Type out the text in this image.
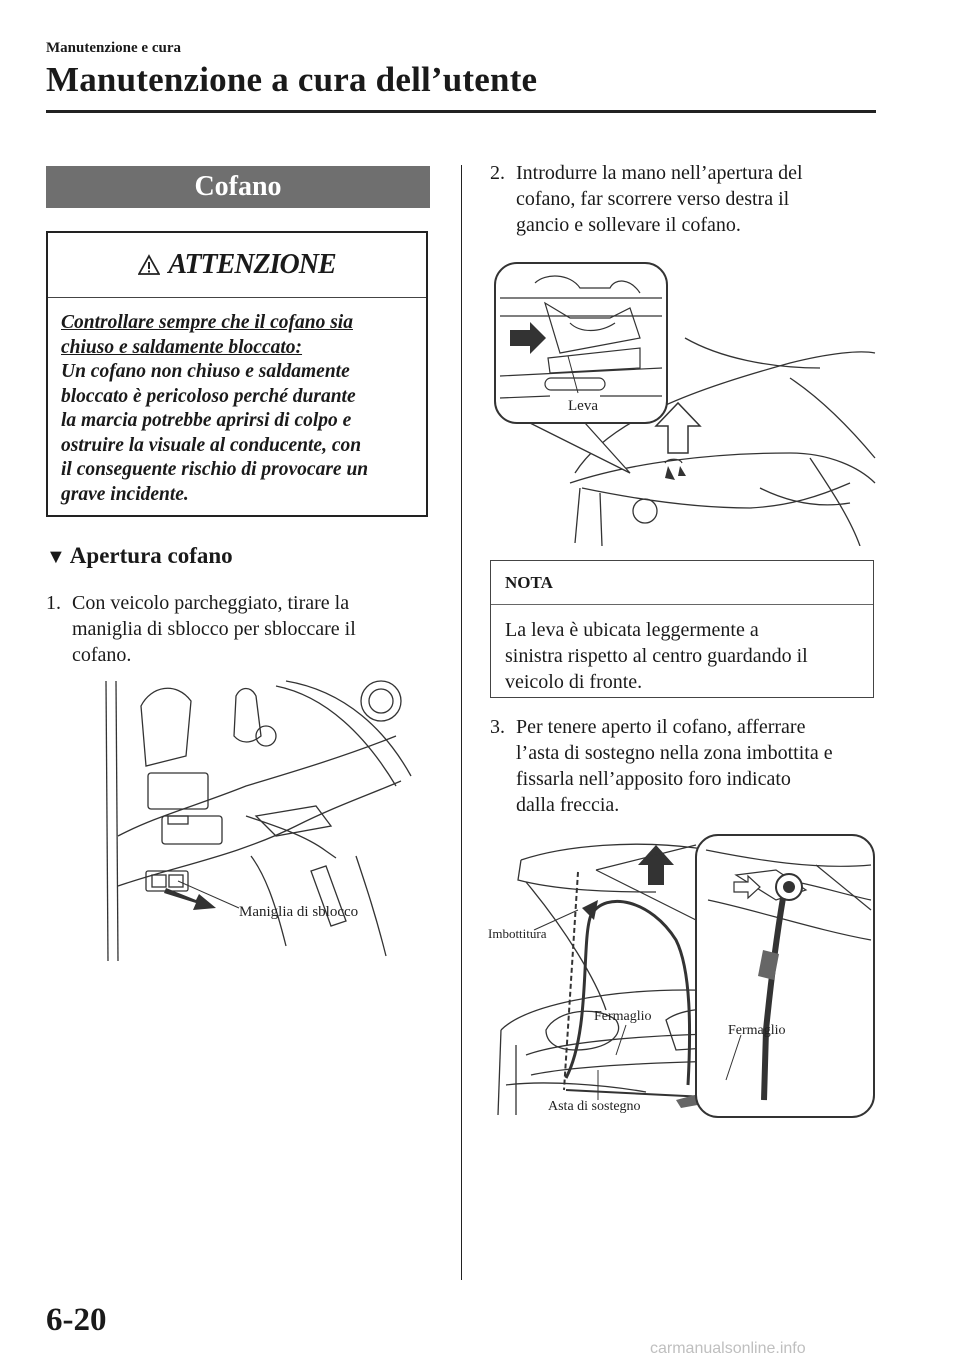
Manutenzione e cura
Manutenzione a cura dell’utente
Cofano
ATTENZIONE
Controllare sempre che il cofano sia
chiuso e saldamente bloccato:
Un cofano non chiuso e saldamente
bloccato è pericoloso perché durante
la marcia potrebbe aprirsi di colpo e
ostruire la visuale al conducente, con
il conseguente rischio di provocare un
grave incidente.
▼ Apertura cofano
1. Con veicolo parcheggiato, tirare la
maniglia di sblocco per sbloccare il
cofano.
Maniglia di sblocco
2. Introdurre la mano nell’apertura del
cofano, far scorrere verso destra il
gancio e sollevare il cofano.
Leva
NOTA
La leva è ubicata leggermente a
sinistra rispetto al centro guardando il
veicolo di fronte.
3. Per tenere aperto il cofano, afferrare
l’asta di sostegno nella zona imbottita e
fissarla nell’apposito foro indicato
dalla freccia.
Imbottitura
Fermaglio
Fermaglio
Asta di sostegno
6-20
carmanualsonline.info
